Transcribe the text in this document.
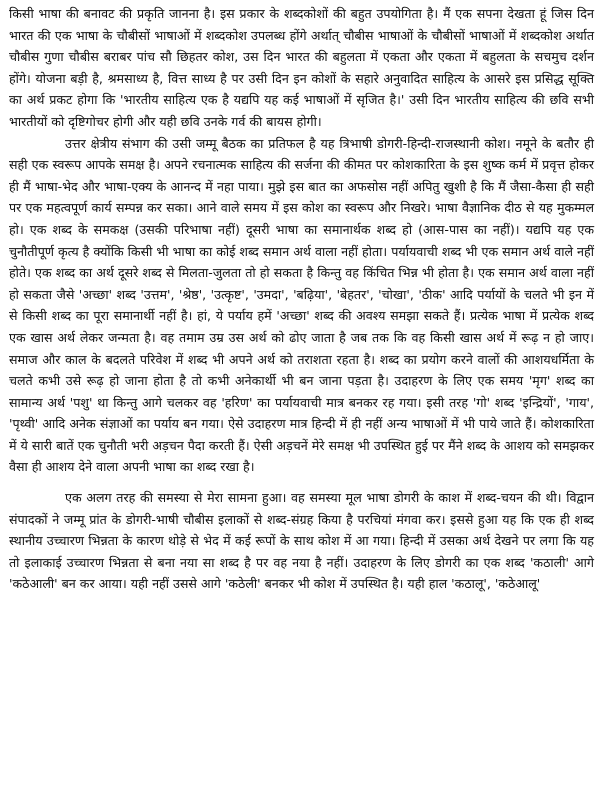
किसी भाषा की बनावट की प्रकृति जानना है। इस प्रकार के शब्दकोशों की बहुत उपयोगिता है। मैं एक सपना देखता हूं जिस दिन भारत की एक भाषा के चौबीसों भाषाओं में शब्दकोश उपलब्ध होंगे अर्थात् चौबीस भाषाओं के चौबीसों भाषाओं में शब्दकोश अर्थात चौबीस गुणा चौबीस बराबर पांच सौ छिहतर कोश, उस दिन भारत की बहुलता में एकता और एकता में बहुलता के सचमुच दर्शन होंगे। योजना बड़ी है, श्रमसाध्य है, वित्त साध्य है पर उसी दिन इन कोशों के सहारे अनुवादित साहित्य के आसरे इस प्रसिद्ध सूक्ति का अर्थ प्रकट होगा कि 'भारतीय साहित्य एक है यद्यपि यह कई भाषाओं में सृजित है।' उसी दिन भारतीय साहित्य की छवि सभी भारतीयों को दृष्टिगोचर होगी और यही छवि उनके गर्व की बायस होगी।

उत्तर क्षेत्रीय संभाग की उसी जम्मू बैठक का प्रतिफल है यह त्रिभाषी डोगरी-हिन्दी-राजस्थानी कोश। नमूने के बतौर ही सही एक स्वरूप आपके समक्ष है। अपने रचनात्मक साहित्य की सर्जना की कीमत पर कोशकारिता के इस शुष्क कर्म में प्रवृत्त होकर ही मैं भाषा-भेद और भाषा-एक्य के आनन्द में नहा पाया। मुझे इस बात का अफसोस नहीं अपितु खुशी है कि मैं जैसा-कैसा ही सही पर एक महत्वपूर्ण कार्य सम्पन्न कर सका। आने वाले समय में इस कोश का स्वरूप और निखरे। भाषा वैज्ञानिक दीठ से यह मुकम्मल हो। एक शब्द के समकक्ष (उसकी परिभाषा नहीं) दूसरी भाषा का समानार्थक शब्द हो (आस-पास का नहीं)। यद्यपि यह एक चुनौतीपूर्ण कृत्य है क्योंकि किसी भी भाषा का कोई शब्द समान अर्थ वाला नहीं होता। पर्यायवाची शब्द भी एक समान अर्थ वाले नहीं होते। एक शब्द का अर्थ दूसरे शब्द से मिलता-जुलता तो हो सकता है किन्तु वह किंचित भिन्न भी होता है। एक समान अर्थ वाला नहीं हो सकता जैसे 'अच्छा' शब्द 'उत्तम', 'श्रेष्ठ', 'उत्कृष्ट', 'उमदा', 'बढ़िया', 'बेहतर', 'चोखा', 'ठीक' आदि पर्यायों के चलते भी इन में से किसी शब्द का पूरा समानार्थी नहीं है। हां, ये पर्याय हमें 'अच्छा' शब्द की अवश्य समझा सकते हैं। प्रत्येक भाषा में प्रत्येक शब्द एक खास अर्थ लेकर जन्मता है। वह तमाम उम्र उस अर्थ को ढोए जाता है जब तक कि वह किसी खास अर्थ में रूढ़ न हो जाए। समाज और काल के बदलते परिवेश में शब्द भी अपने अर्थ को तराशता रहता है। शब्द का प्रयोग करने वालों की आशयधर्मिता के चलते कभी उसे रूढ़ हो जाना होता है तो कभी अनेकार्थी भी बन जाना पड़ता है। उदाहरण के लिए एक समय 'मृग' शब्द का सामान्य अर्थ 'पशु' था किन्तु आगे चलकर वह 'हरिण' का पर्यायवाची मात्र बनकर रह गया। इसी तरह 'गो' शब्द 'इन्द्रियों', 'गाय', 'पृथ्वी' आदि अनेक संज्ञाओं का पर्याय बन गया। ऐसे उदाहरण मात्र हिन्दी में ही नहीं अन्य भाषाओं में भी पाये जाते हैं। कोशकारिता में ये सारी बातें एक चुनौती भरी अड़चन पैदा करती हैं। ऐसी अड़चनें मेरे समक्ष भी उपस्थित हुई पर मैंने शब्द के आशय को समझकर वैसा ही आशय देने वाला अपनी भाषा का शब्द रखा है।

एक अलग तरह की समस्या से मेरा सामना हुआ। वह समस्या मूल भाषा डोगरी के काश में शब्द-चयन की थी। विद्वान संपादकों ने जम्मू प्रांत के डोगरी-भाषी चौबीस इलाकों से शब्द-संग्रह किया है परचियां मंगवा कर। इससे हुआ यह कि एक ही शब्द स्थानीय उच्चारण भिन्नता के कारण थोड़े से भेद में कई रूपों के साथ कोश में आ गया। हिन्दी में उसका अर्थ देखने पर लगा कि यह तो इलाकाई उच्चारण भिन्नता से बना नया सा शब्द है पर वह नया है नहीं। उदाहरण के लिए डोगरी का एक शब्द 'कठाली' आगे 'कठेआली' बन कर आया। यही नहीं उससे आगे 'कठेली' बनकर भी कोश में उपस्थित है। यही हाल 'कठालू', 'कठेआलू'
